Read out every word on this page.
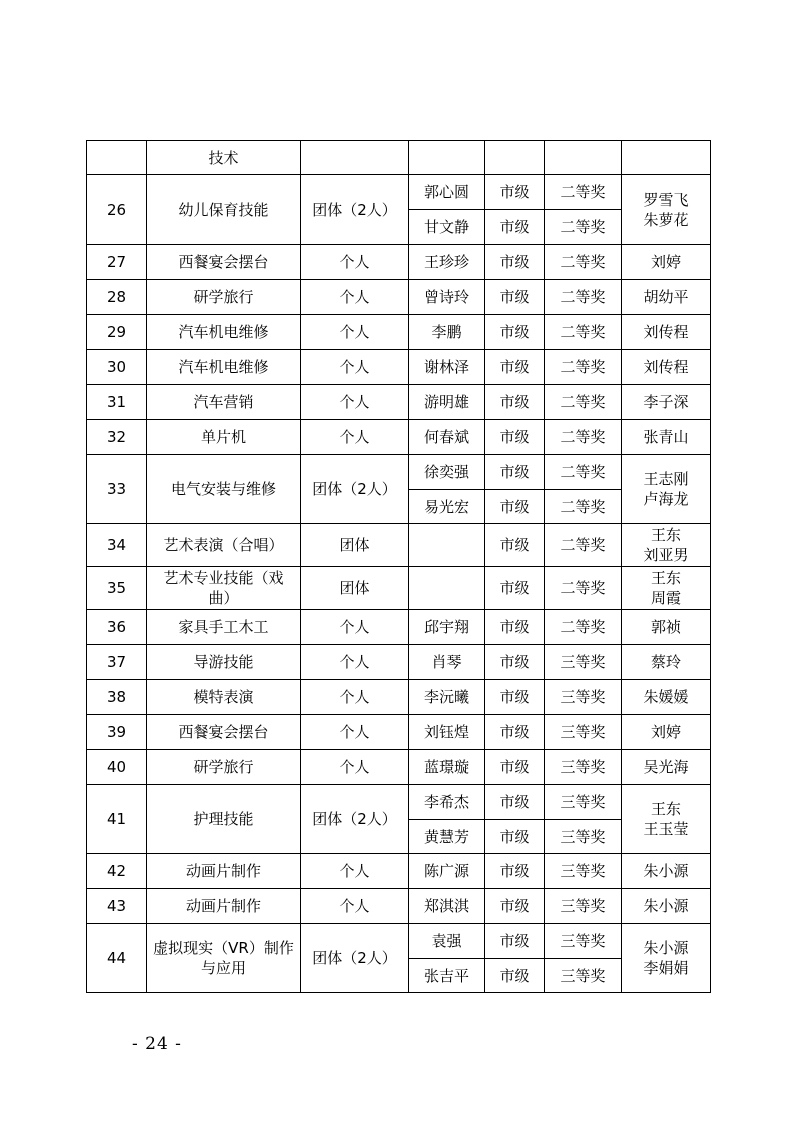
	技术					

26	幼儿保育技能	团体（2人）	郭心圆	市级	二等奖	罗雪飞
朱萝花

			甘文静	市级	二等奖	
27	西餐宴会摆台	个人	王珍珍	市级	二等奖	刘婷

28	研学旅行	个人	曾诗玲	市级	二等奖	胡幼平

29	汽车机电维修	个人	李鹏	市级	二等奖	刘传程

30	汽车机电维修	个人	谢林泽	市级	二等奖	刘传程

31	汽车营销	个人	游明雄	市级	二等奖	李子深

32	单片机	个人	何春斌	市级	二等奖	张青山

33	电气安装与维修	团体（2人）	徐奕强	市级	二等奖	王志刚
卢海龙

			易光宏	市级	二等奖	
34	艺术表演（合唱）	团体		市级	二等奖	王东
刘亚男

35	艺术专业技能（戏
曲）	团体		市级	二等奖	王东
周霞

36	家具手工木工	个人	邱宇翔	市级	二等奖	郭祯

37	导游技能	个人	肖琴	市级	三等奖	蔡玲

38	模特表演	个人	李沅曦	市级	三等奖	朱媛媛

39	西餐宴会摆台	个人	刘钰煌	市级	三等奖	刘婷

40	研学旅行	个人	蓝璟璇	市级	三等奖	吴光海

41	护理技能	团体（2人）	李希杰	市级	三等奖	王东
王玉莹

			黄慧芳	市级	三等奖	
42	动画片制作	个人	陈广源	市级	三等奖	朱小源

43	动画片制作	个人	郑淇淇	市级	三等奖	朱小源

44	虚拟现实（VR）制作
与应用	团体（2人）	袁强	市级	三等奖	朱小源
李娟娟

			张吉平	市级	三等奖	
- 24 -
